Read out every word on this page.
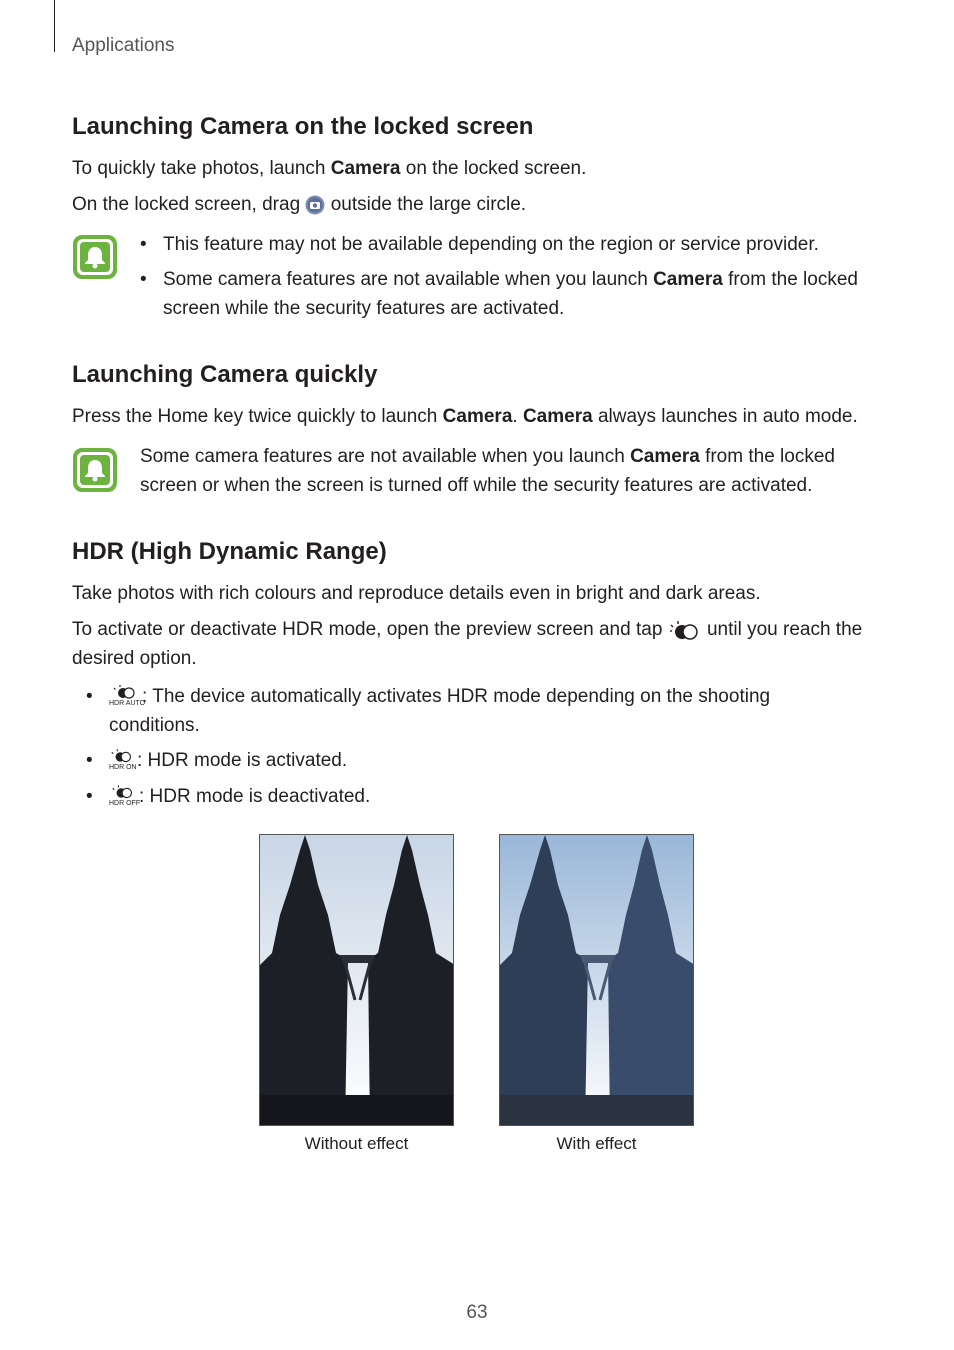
Applications
Launching Camera on the locked screen

To quickly take photos, launch Camera on the locked screen.

On the locked screen, drag  outside the large circle.

• This feature may not be available depending on the region or service provider.
• Some camera features are not available when you launch Camera from the locked
screen while the security features are activated.
Launching Camera quickly

Press the Home key twice quickly to launch Camera. Camera always launches in auto mode.

Some camera features are not available when you launch Camera from the locked
screen or when the screen is turned off while the security features are activated.
HDR (High Dynamic Range)

Take photos with rich colours and reproduce details even in bright and dark areas.

To activate or deactivate HDR mode, open the preview screen and tap  until you reach the
desired option.

• HDR AUTO
: The device automatically activates HDR mode depending on the shooting
conditions.
• HDR ON : HDR mode is activated.
• HDR OFF
: HDR mode is deactivated.
Without effect	With effect
63
